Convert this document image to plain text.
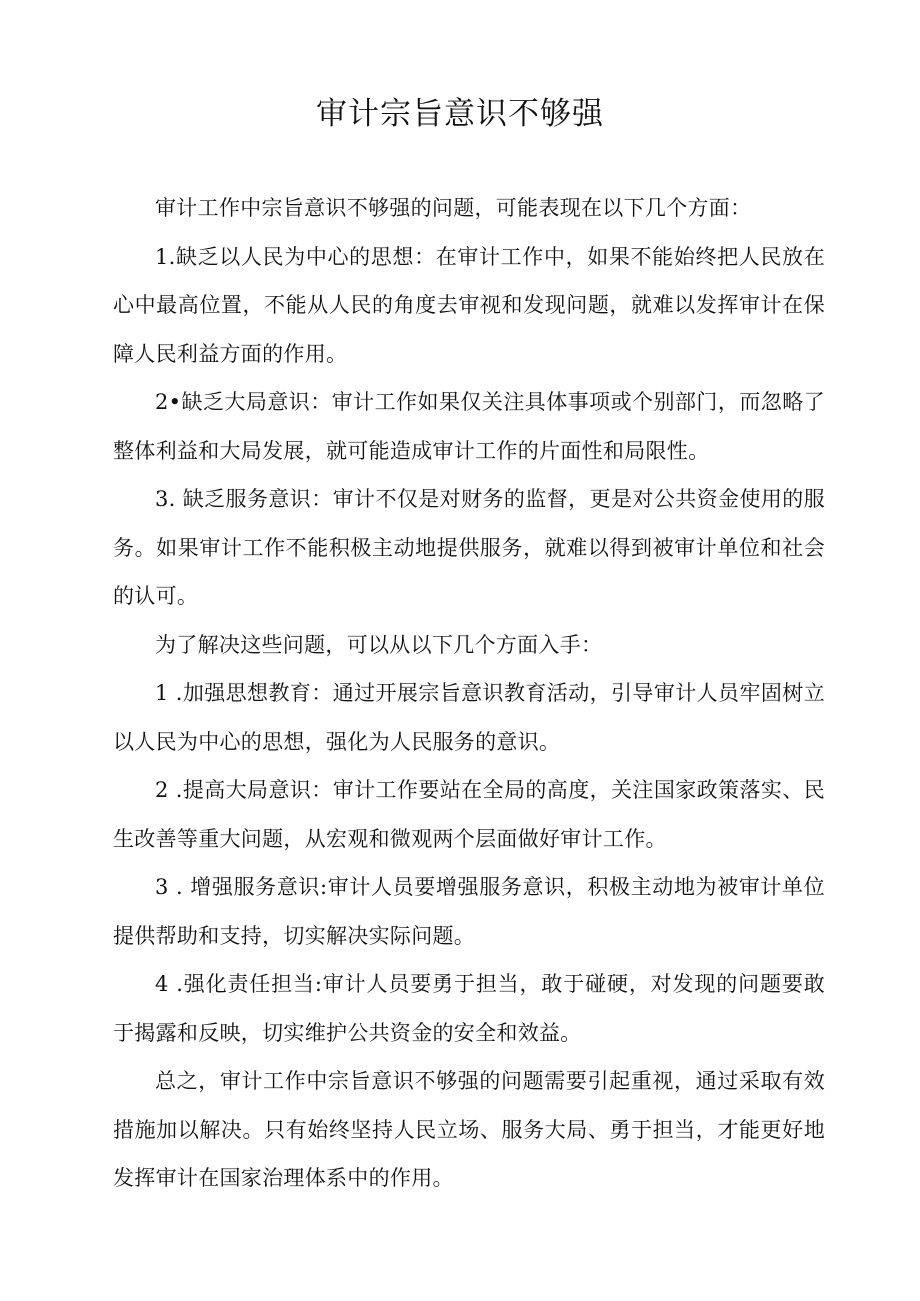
审计宗旨意识不够强

审计工作中宗旨意识不够强的问题，可能表现在以下几个方面：

1.缺乏以人民为中心的思想：在审计工作中，如果不能始终把人民放在心中最高位置，不能从人民的角度去审视和发现问题，就难以发挥审计在保障人民利益方面的作用。

2•缺乏大局意识：审计工作如果仅关注具体事项或个别部门，而忽略了整体利益和大局发展，就可能造成审计工作的片面性和局限性。

3. 缺乏服务意识：审计不仅是对财务的监督，更是对公共资金使用的服务。如果审计工作不能积极主动地提供服务，就难以得到被审计单位和社会的认可。

为了解决这些问题，可以从以下几个方面入手：

1 .加强思想教育：通过开展宗旨意识教育活动，引导审计人员牢固树立以人民为中心的思想，强化为人民服务的意识。

2 .提高大局意识：审计工作要站在全局的高度，关注国家政策落实、民生改善等重大问题，从宏观和微观两个层面做好审计工作。

3 . 增强服务意识:审计人员要增强服务意识，积极主动地为被审计单位提供帮助和支持，切实解决实际问题。

4 .强化责任担当:审计人员要勇于担当，敢于碰硬，对发现的问题要敢于揭露和反映，切实维护公共资金的安全和效益。

总之，审计工作中宗旨意识不够强的问题需要引起重视，通过采取有效措施加以解决。只有始终坚持人民立场、服务大局、勇于担当，才能更好地发挥审计在国家治理体系中的作用。
